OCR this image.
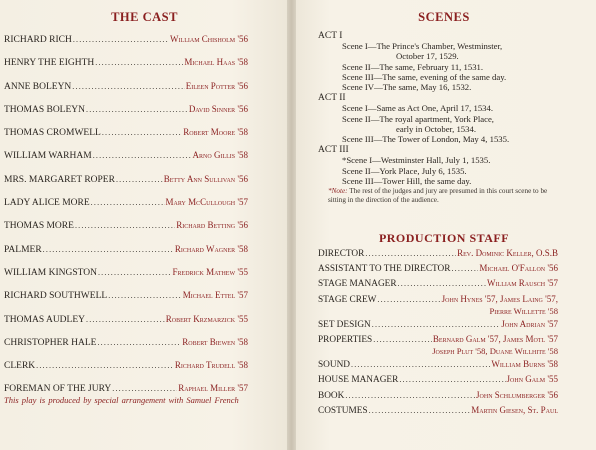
THE CAST
RICHARD RICH .....	William Chisholm '56
HENRY THE EIGHTH .....	Michael Haas '58
ANNE BOLEYN .....	Eileen Potter '56
THOMAS BOLEYN .....	David Sinner '56
THOMAS CROMWELL .....	Robert Moore '58
WILLIAM WARHAM .....	Arno Gillis '58
MRS. MARGARET ROPER .....	Betty Ann Sullivan '56
LADY ALICE MORE .....	Mary McCullough '57
THOMAS MORE .....	Richard Betting '56
PALMER .....	Richard Wagner '58
WILLIAM KINGSTON .....	Fredrick Mathew '55
RICHARD SOUTHWELL .....	Michael Ettel '57
THOMAS AUDLEY .....	Robert Krzmarzick '55
CHRISTOPHER HALE .....	Robert Biewen '58
CLERK .....	Richard Trudell '58
FOREMAN OF THE JURY .....	Raphael Miller '57
This play is produced by special arrangement with Samuel French
SCENES
ACT I
Scene I—The Prince's Chamber, Westminster,
October 17, 1529.
Scene II—The same, February 11, 1531.
Scene III—The same, evening of the same day.
Scene IV—The same, May 16, 1532.
ACT II
Scene I—Same as Act One, April 17, 1534.
Scene II—The royal apartment, York Place,
early in October, 1534.
Scene III—The Tower of London, May 4, 1535.
ACT III
*Scene I—Westminster Hall, July 1, 1535.
Scene II—York Place, July 6, 1535.
Scene III—Tower Hill, the same day.
*Note: The rest of the judges and jury are presumed in this court scene to be sitting in the direction of the audience.
PRODUCTION STAFF
DIRECTOR .....	Rev. Dominic Keller, O.S.B
ASSISTANT TO THE DIRECTOR .....	Michael O'Fallon '56
STAGE MANAGER .....	William Rausch '57
STAGE CREW .....	John Hynes '57, James Laing '57,
Pierre Willette '58
SET DESIGN .....	John Adrian '57
PROPERTIES .....	Bernard Galm '57, James Motl '57
Joseph Plut '58, Duane Willhite '58
SOUND .....	William Burns '58
HOUSE MANAGER .....	John Galm '55
BOOK .....	John Schlumberger '56
COSTUMES .....	Martin Giesen, St. Paul
